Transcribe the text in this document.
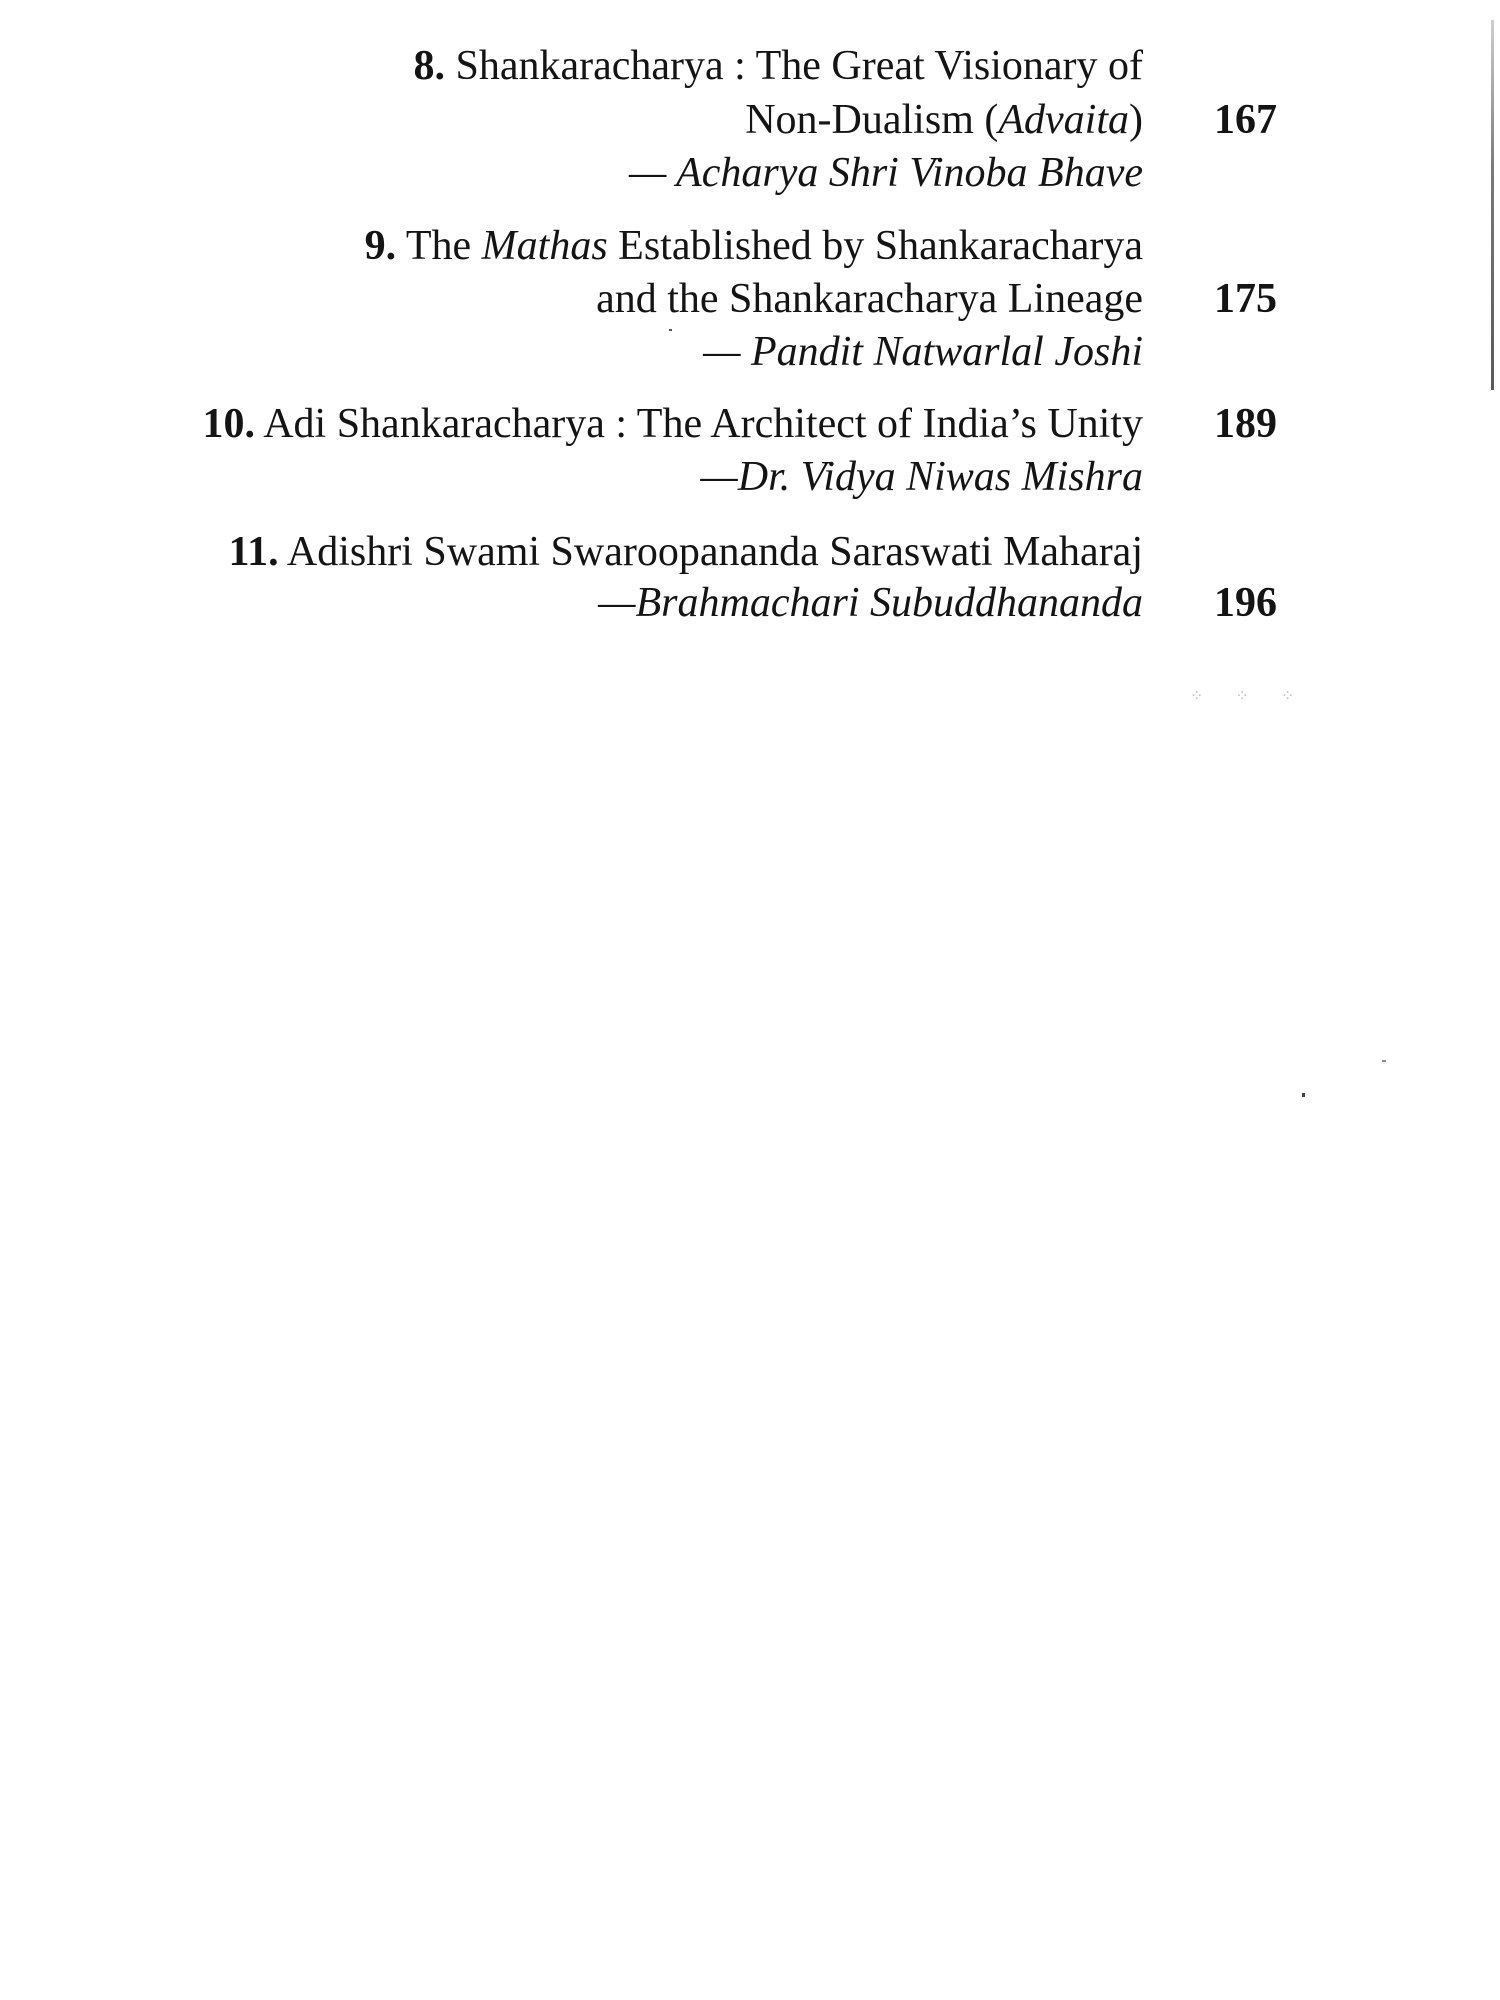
8. Shankaracharya : The Great Visionary of
Non-Dualism (Advaita) 167
— Acharya Shri Vinoba Bhave
9. The Mathas Established by Shankaracharya
and the Shankaracharya Lineage 175
— Pandit Natwarlal Joshi
10. Adi Shankaracharya : The Architect of India’s Unity 189
—Dr. Vidya Niwas Mishra
11. Adishri Swami Swaroopananda Saraswati Maharaj
—Brahmachari Subuddhananda 196
⁘ ⁘ ⁘
